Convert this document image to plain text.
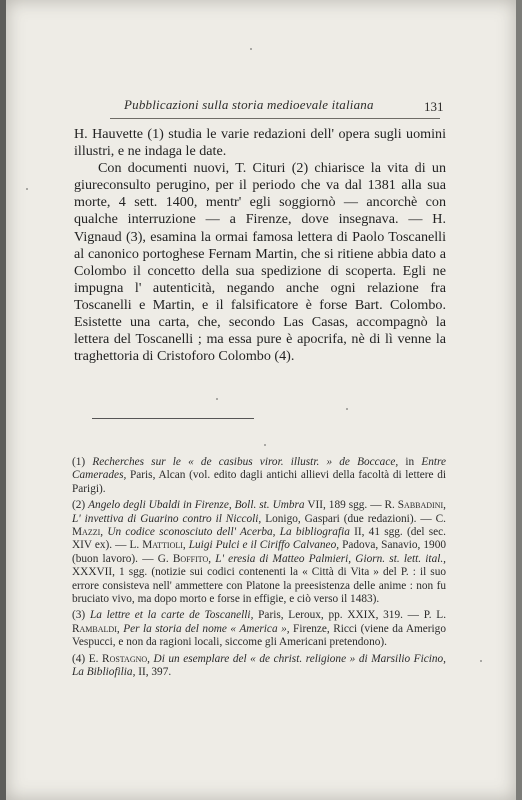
Pubblicazioni sulla storia medioevale italiana	131

H. Hauvette (1) studia le varie redazioni dell' opera sugli uomini illustri, e ne indaga le date.

Con documenti nuovi, T. Cituri (2) chiarisce la vita di un giureconsulto perugino, per il periodo che va dal 1381 alla sua morte, 4 sett. 1400, mentr' egli soggiornò — ancorchè con qualche interruzione — a Firenze, dove insegnava. — H. Vignaud (3), esamina la ormai famosa lettera di Paolo Toscanelli al canonico portoghese Fernam Martin, che si ritiene abbia dato a Colombo il concetto della sua spedizione di scoperta. Egli ne impugna l' autenticità, negando anche ogni relazione fra Toscanelli e Martin, e il falsificatore è forse Bart. Colombo. Esistette una carta, che, secondo Las Casas, accompagnò la lettera del Toscanelli ; ma essa pure è apocrifa, nè di lì venne la traghettoria di Cristoforo Colombo (4).

(1) Recherches sur le « de casibus viror. illustr. » de Boccace, in Entre Camerades, Paris, Alcan (vol. edito dagli antichi allievi della facoltà di lettere di Parigi).

(2) Angelo degli Ubaldi in Firenze, Boll. st. Umbra VII, 189 sgg. — R. Sabbadini, L' invettiva di Guarino contro il Niccoli, Lonigo, Gaspari (due redazioni). — C. Mazzi, Un codice sconosciuto dell' Acerba, La bibliografia II, 41 sgg. (del sec. XIV ex). — L. Mattioli, Luigi Pulci e il Ciriffo Calvaneo, Padova, Sanavio, 1900 (buon lavoro). — G. Boffito, L' eresia di Matteo Palmieri, Giorn. st. lett. ital., XXXVII, 1 sgg. (notizie sui codici contenenti la « Città di Vita » del P. : il suo errore consisteva nell' ammettere con Platone la preesistenza delle anime : non fu bruciato vivo, ma dopo morto e forse in effigie, e ciò verso il 1483).

(3) La lettre et la carte de Toscanelli, Paris, Leroux, pp. XXIX, 319. — P. L. Rambaldi, Per la storia del nome « America », Firenze, Ricci (viene da Amerigo Vespucci, e non da ragioni locali, siccome gli Americani pretendono).

(4) E. Rostagno, Di un esemplare del « de christ. religione » di Marsilio Ficino, La Bibliofilia, II, 397.
